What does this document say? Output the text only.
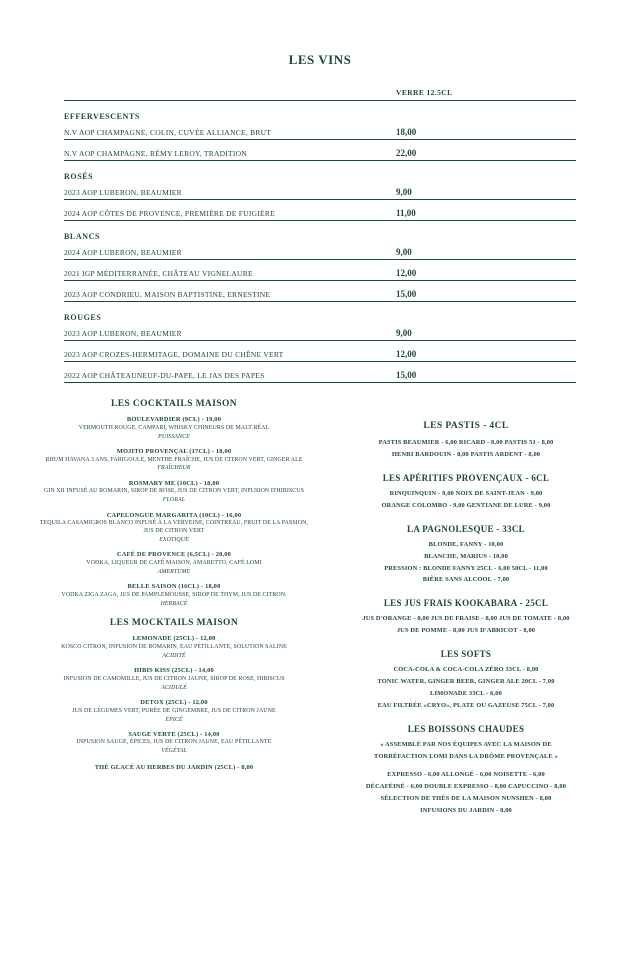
LES VINS
VERRE 12.5CL
EFFERVESCENTS
N.V AOP CHAMPAGNE, COLIN, CUVÉE ALLIANCE, BRUT	18,00
N.V AOP CHAMPAGNE, RÉMY LEROY, TRADITION	22,00
ROSÉS
2023 AOP LUBERON, BEAUMIER	9,00
2024 AOP CÔTES DE PROVENCE, PREMIÈRE DE FUIGIÈRE	11,00
BLANCS
2024 AOP LUBERON, BEAUMIER	9,00
2021 IGP MÉDITERRANÉE, CHÂTEAU VIGNELAURE	12,00
2023 AOP CONDRIEU, MAISON BAPTISTINE, ERNESTINE	15,00
ROUGES
2023 AOP LUBERON, BEAUMIER	9,00
2023 AOP CROZES-HERMITAGE, DOMAINE DU CHÊNE VERT	12,00
2022 AOP CHÂTEAUNEUF-DU-PAPE, LE JAS DES PAPES	15,00
LES COCKTAILS MAISON
BOULEVARDIER (9CL) - 19,00
VERMOUTH ROUGE, CAMPARI, WHISKY CHINEURS DE MALT RÉAL
PUISSANCE
MOJITO PROVENÇAL (17CL) - 18,00
RHUM HAVANA 3 ANS, FARIGOULE, MENTHE FRAÎCHE, JUS DE CITRON VERT, GINGER ALE
FRAÎCHEUR
ROSMARY ME (10CL) - 18,00
GIN XII INFUSÉ AU ROMARIN, SIROP DE ROSE, JUS DE CITRON VERT, INFUSION D'HIBISCUS
FLORAL
CAPELONGUE MARGARITA (10CL) - 16,00
TEQUILA CASAMIGROS BLANCO INFUSÉ À LA VERVEINE, COINTREAU, FRUIT DE LA PASSION, JUS DE CITRON VERT
EXOTIQUE
CAFÉ DE PROVENCE (6,5CL) - 20,00
VODKA, LIQUEUR DE CAFÉ MAISON, AMARETTO, CAFÉ LOMI
AMERTUME
BELLE SAISON (16CL) - 18,00
VODKA ZIGA ZAGA, JUS DE PAMPLEMOUSSE, SIROP DE THYM, JUS DE CITRON.
HERBACÉ
LES MOCKTAILS MAISON
LEMONADE (25CL) - 12,00
KOSCO CITRON, INFUSION DE ROMARIN, EAU PÉTILLANTE, SOLUTION SALINE
ACIDITÉ
HIBIS KISS (25CL) - 14,00
INFUSION DE CAMOMILLE, JUS DE CITRON JAUNE, SIROP DE ROSE, HIBISCUS
ACIDULÉ
DETOX (25CL) - 12,00
JUS DE LÉGUMES VERT, PURÉE DE GINGEMBRE, JUS DE CITRON JAUNE
ÉPICÉ
SAUGE VERTE (25CL) - 14,00
INFUSION SAUGE, ÉPICES, JUS DE CITRON JAUNE, EAU PÉTILLANTE
VÉGÉTAL
THÉ GLACÉ AU HERBES DU JARDIN (25CL) - 8,00
LES PASTIS - 4CL
PASTIS BEAUMIER - 6,00 RICARD - 8,00 PASTIS 51 - 8,00
HENRI BARDOUIN - 8,00 PASTIS ARDENT - 8,00
LES APÉRITIFS PROVENÇAUX - 6CL
RINQUINQUIN - 9,00 NOIX DE SAINT-JEAN - 9,00
ORANGE COLOMBO - 9,00 GENTIANE DE LURE - 9,00
LA PAGNOLESQUE - 33CL
BLONDE, FANNY - 10,00
BLANCHE, MARIUS - 10,00
PRESSION : BLONDE FANNY 25CL - 6,00 50CL - 11,00
BIÈRE SANS ALCOOL - 7,00
LES JUS FRAIS KOOKABARA - 25CL
JUS D'ORANGE - 8,00 JUS DE FRAISE - 8,00 JUS DE TOMATE - 8,00
JUS DE POMME - 8,00 JUS D'ABRICOT - 8,00
LES SOFTS
COCA-COLA & COCA-COLA ZÉRO 33CL - 8,00
TONIC WATER, GINGER BEER, GINGER ALE 20CL - 7,00
LIMONADE 33CL - 6,00
EAU FILTRÉE «CRYO», PLATE OU GAZEUSE 75CL - 7,00
LES BOISSONS CHAUDES
« ASSEMBLÉ PAR NOS ÉQUIPES AVEC LA MAISON DE
TORRÉFACTION LOMI DANS LA DRÔME PROVENÇALE »
EXPRESSO - 6,00 ALLONGÉ - 6,00 NOISETTE - 6,00
DÉCAFÉINÉ - 6,00 DOUBLE EXPRESSO - 8,00 CAPUCCINO - 8,00
SÉLECTION DE THÉS DE LA MAISON NUNSHEN - 8,00
INFUSIONS DU JARDIN - 8,00
